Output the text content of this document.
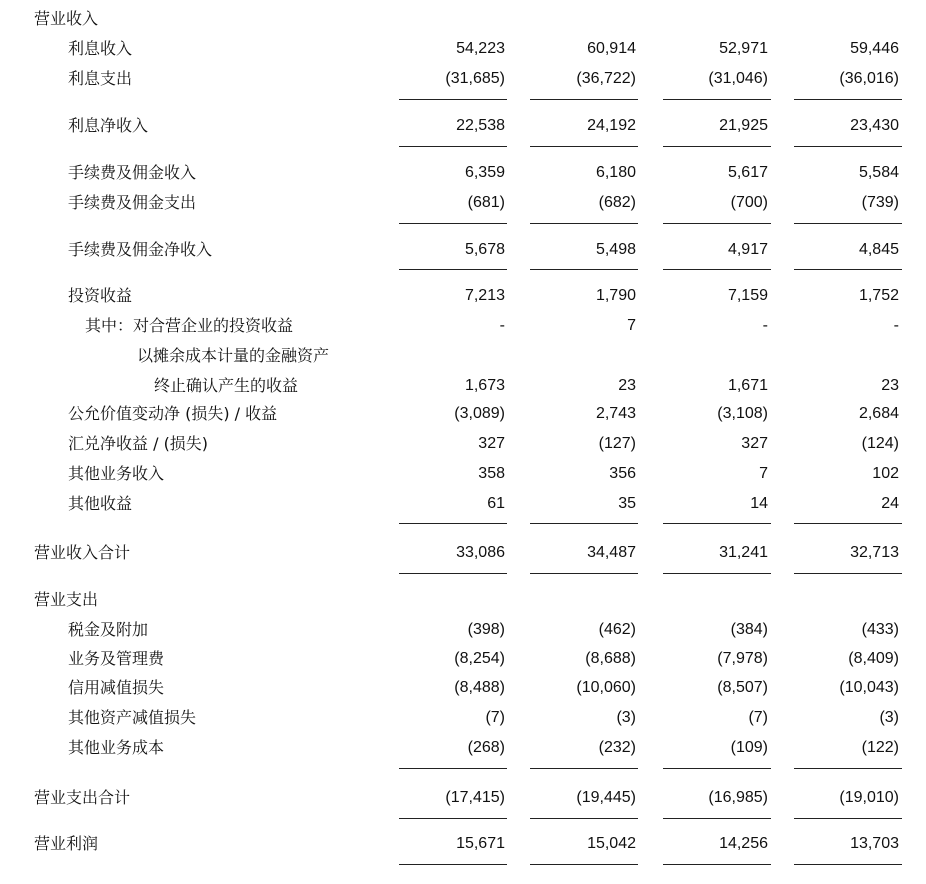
营业收入
利息收入	54,223	60,914	52,971	59,446
利息支出	(31,685)	(36,722)	(31,046)	(36,016)
利息净收入	22,538	24,192	21,925	23,430
手续费及佣金收入	6,359	6,180	5,617	5,584
手续费及佣金支出	(681)	(682)	(700)	(739)
手续费及佣金净收入	5,678	5,498	4,917	4,845
投资收益	7,213	1,790	7,159	1,752
其中：对合营企业的投资收益	-	7	-	-
以摊余成本计量的金融资产
终止确认产生的收益	1,673	23	1,671	23
公允价值变动净 (损失) / 收益	(3,089)	2,743	(3,108)	2,684
汇兑净收益 / (损失)	327	(127)	327	(124)
其他业务收入	358	356	7	102
其他收益	61	35	14	24
营业收入合计	33,086	34,487	31,241	32,713
营业支出
税金及附加	(398)	(462)	(384)	(433)
业务及管理费	(8,254)	(8,688)	(7,978)	(8,409)
信用减值损失	(8,488)	(10,060)	(8,507)	(10,043)
其他资产减值损失	(7)	(3)	(7)	(3)
其他业务成本	(268)	(232)	(109)	(122)
营业支出合计	(17,415)	(19,445)	(16,985)	(19,010)
营业利润	15,671	15,042	14,256	13,703
